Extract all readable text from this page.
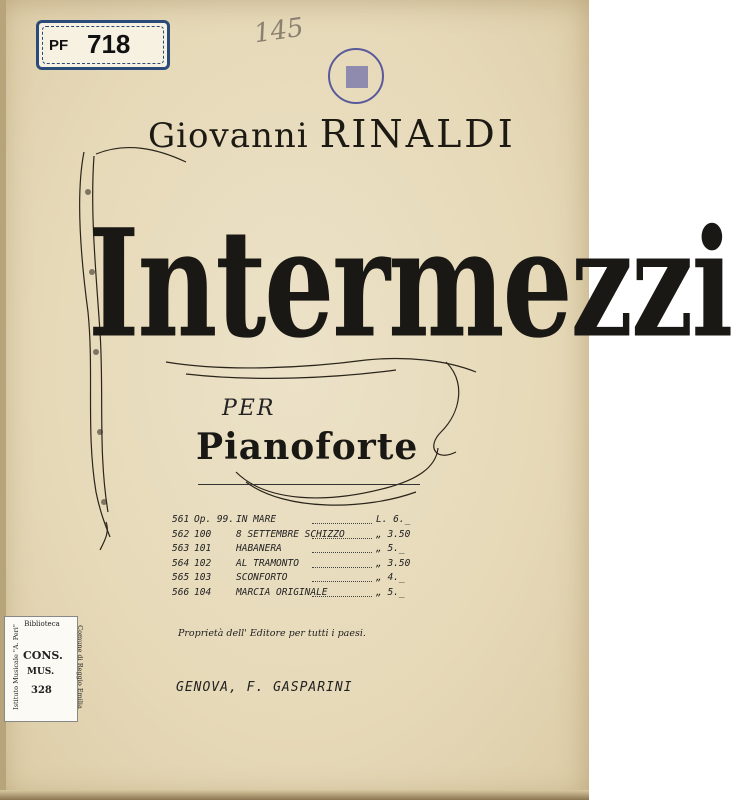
PF 718	145
Giovanni RINALDI
Intermezzi
PER
Pianoforte
561 Op. 99. IN MARE	L. 6._
562 100	8 SETTEMBRE SCHIZZO	„ 3.50
563 101	HABANERA	„ 5._
564 102	AL TRAMONTO	„ 3.50
565 103	SCONFORTO	„ 4._
566 104	MARCIA ORIGINALE	„ 5._
Proprietà dell' Editore per tutti i paesi.
GENOVA, F. GASPARINI
Biblioteca
Istituto Musicale "A. Peri"	Comune di Reggio Emilia
CONS.
MUS.
328
